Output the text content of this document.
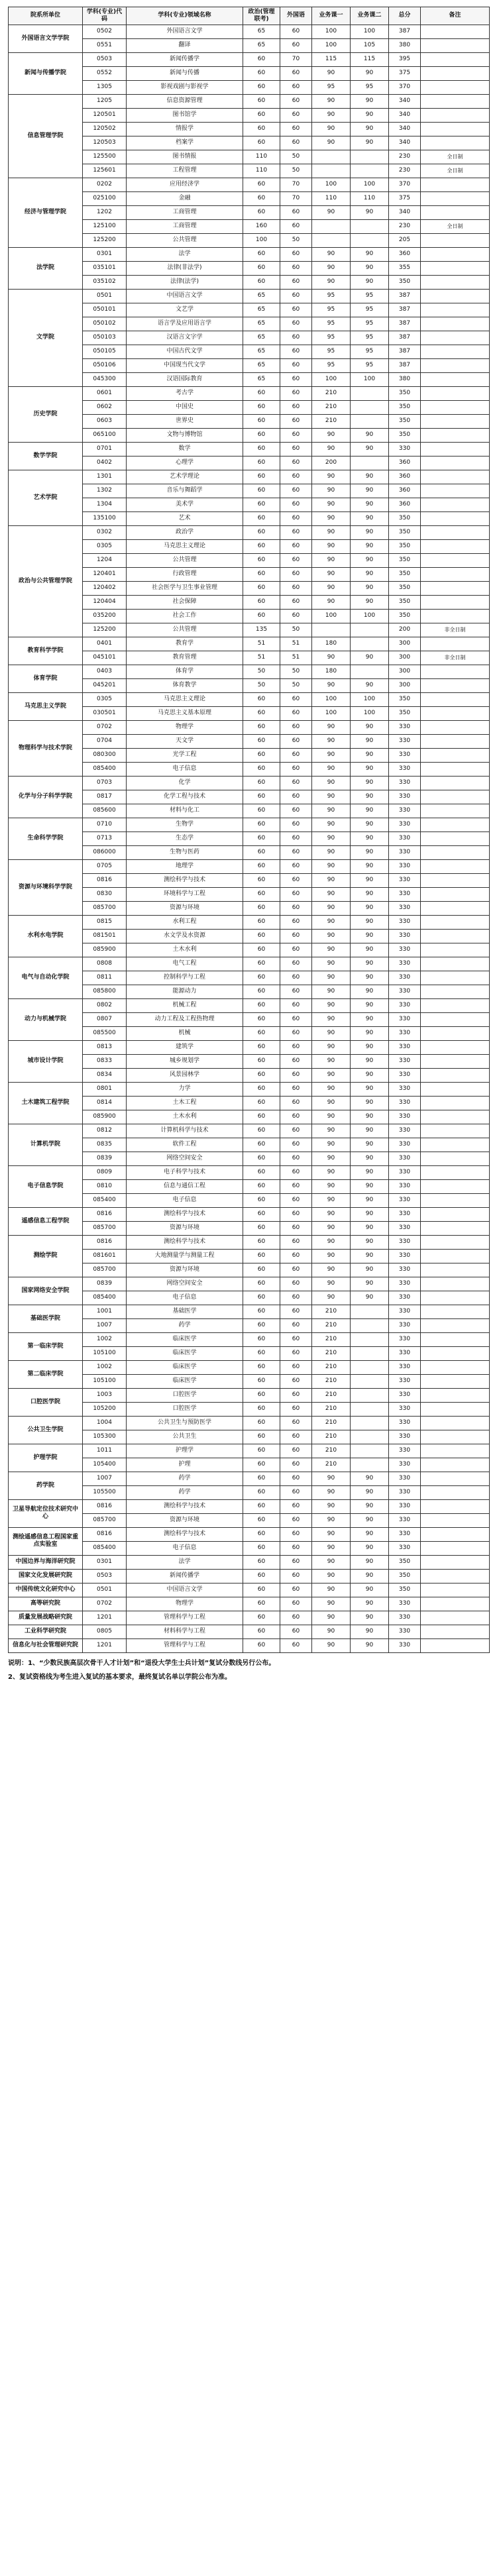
院系所单位	学科(专业)代码	学科(专业)领域名称	政治(管理联考)	外国语	业务课一	业务课二	总分	备注
外国语言文学学院	0502	外国语言文学	65	60	100	100	387	
	0551	翻译	65	60	100	105	380	
新闻与传播学院	0503	新闻传播学	60	70	115	115	395	
	0552	新闻与传播	60	60	90	90	375	
	1305	影视戏剧与影视学	60	60	95	95	370	
信息管理学院	1205	信息资源管理	60	60	90	90	340	
	120501	图书馆学	60	60	90	90	340	
	120502	情报学	60	60	90	90	340	
	120503	档案学	60	60	90	90	340	
	125500	图书情报	110	50			230	全日制
	125601	工程管理	110	50			230	全日制
经济与管理学院	0202	应用经济学	60	70	100	100	370	
	025100	金融	60	70	110	110	375	
	1202	工商管理	60	60	90	90	340	
	125100	工商管理	160	60			230	全日制
	125200	公共管理	100	50			205	
法学院	0301	法学	60	60	90	90	360	
	035101	法律(非法学)	60	60	90	90	355	
	035102	法律(法学)	60	60	90	90	350	
文学院	0501	中国语言文学	65	60	95	95	387	
	050101	文艺学	65	60	95	95	387	
	050102	语言学及应用语言学	65	60	95	95	387	
	050103	汉语言文字学	65	60	95	95	387	
	050105	中国古代文学	65	60	95	95	387	
	050106	中国现当代文学	65	60	95	95	387	
	045300	汉语国际教育	65	60	100	100	380	
历史学院	0601	考古学	60	60	210		350	
	0602	中国史	60	60	210		350	
	0603	世界史	60	60	210		350	
	065100	文物与博物馆	60	60	90	90	350	
数学学院	0701	数学	60	60	90	90	330	
	0402	心理学	60	60	200		360	
艺术学院	1301	艺术学理论	60	60	90	90	360	
	1302	音乐与舞蹈学	60	60	90	90	360	
	1304	美术学	60	60	90	90	360	
	135100	艺术	60	60	90	90	350	
政治与公共管理学院	0302	政治学	60	60	90	90	350	
	0305	马克思主义理论	60	60	90	90	350	
	1204	公共管理	60	60	90	90	350	
	120401	行政管理	60	60	90	90	350	
	120402	社会医学与卫生事业管理	60	60	90	90	350	
	120404	社会保障	60	60	90	90	350	
	035200	社会工作	60	60	100	100	350	
	125200	公共管理	135	50			200	非全日制
教育科学学院	0401	教育学	51	51	180		300	
	045101	教育管理	51	51	90	90	300	非全日制
体育学院	0403	体育学	50	50	180		300	
	045201	体育教学	50	50	90	90	300	
马克思主义学院	0305	马克思主义理论	60	60	100	100	350	
	030501	马克思主义基本原理	60	60	100	100	350	
物理科学与技术学院	0702	物理学	60	60	90	90	330	
	0704	天文学	60	60	90	90	330	
	080300	光学工程	60	60	90	90	330	
	085400	电子信息	60	60	90	90	330	
化学与分子科学学院	0703	化学	60	60	90	90	330	
	0817	化学工程与技术	60	60	90	90	330	
	085600	材料与化工	60	60	90	90	330	
生命科学学院	0710	生物学	60	60	90	90	330	
	0713	生态学	60	60	90	90	330	
	086000	生物与医药	60	60	90	90	330	
资源与环境科学学院	0705	地理学	60	60	90	90	330	
	0816	测绘科学与技术	60	60	90	90	330	
	0830	环境科学与工程	60	60	90	90	330	
	085700	资源与环境	60	60	90	90	330	
水利水电学院	0815	水利工程	60	60	90	90	330	
	081501	水文学及水资源	60	60	90	90	330	
	085900	土木水利	60	60	90	90	330	
电气与自动化学院	0808	电气工程	60	60	90	90	330	
	0811	控制科学与工程	60	60	90	90	330	
	085800	能源动力	60	60	90	90	330	
动力与机械学院	0802	机械工程	60	60	90	90	330	
	0807	动力工程及工程热物理	60	60	90	90	330	
	085500	机械	60	60	90	90	330	
城市设计学院	0813	建筑学	60	60	90	90	330	
	0833	城乡规划学	60	60	90	90	330	
	0834	风景园林学	60	60	90	90	330	
土木建筑工程学院	0801	力学	60	60	90	90	330	
	0814	土木工程	60	60	90	90	330	
	085900	土木水利	60	60	90	90	330	
计算机学院	0812	计算机科学与技术	60	60	90	90	330	
	0835	软件工程	60	60	90	90	330	
	0839	网络空间安全	60	60	90	90	330	
电子信息学院	0809	电子科学与技术	60	60	90	90	330	
	0810	信息与通信工程	60	60	90	90	330	
	085400	电子信息	60	60	90	90	330	
遥感信息工程学院	0816	测绘科学与技术	60	60	90	90	330	
	085700	资源与环境	60	60	90	90	330	
测绘学院	0816	测绘科学与技术	60	60	90	90	330	
	081601	大地测量学与测量工程	60	60	90	90	330	
	085700	资源与环境	60	60	90	90	330	
国家网络安全学院	0839	网络空间安全	60	60	90	90	330	
	085400	电子信息	60	60	90	90	330	
基础医学院	1001	基础医学	60	60	210		330	
	1007	药学	60	60	210		330	
第一临床学院	1002	临床医学	60	60	210		330	
	105100	临床医学	60	60	210		330	
第二临床学院	1002	临床医学	60	60	210		330	
	105100	临床医学	60	60	210		330	
口腔医学院	1003	口腔医学	60	60	210		330	
	105200	口腔医学	60	60	210		330	
公共卫生学院	1004	公共卫生与预防医学	60	60	210		330	
	105300	公共卫生	60	60	210		330	
护理学院	1011	护理学	60	60	210		330	
	105400	护理	60	60	210		330	
药学院	1007	药学	60	60	90	90	330	
	105500	药学	60	60	90	90	330	
卫星导航定位技术研究中心	0816	测绘科学与技术	60	60	90	90	330	
	085700	资源与环境	60	60	90	90	330	
测绘遥感信息工程国家重点实验室	0816	测绘科学与技术	60	60	90	90	330	
	085400	电子信息	60	60	90	90	330	
中国边界与海洋研究院	0301	法学	60	60	90	90	350	
国家文化发展研究院	0503	新闻传播学	60	60	90	90	350	
中国传统文化研究中心	0501	中国语言文学	60	60	90	90	350	
高等研究院	0702	物理学	60	60	90	90	330	
质量发展战略研究院	1201	管理科学与工程	60	60	90	90	330	
工业科学研究院	0805	材料科学与工程	60	60	90	90	330	
信息化与社会管理研究院	1201	管理科学与工程	60	60	90	90	330	
说明：1、“少数民族高层次骨干人才计划”和“退役大学生士兵计划”复试分数线另行公布。
2、复试资格线为考生进入复试的基本要求，最终复试名单以学院公布为准。
